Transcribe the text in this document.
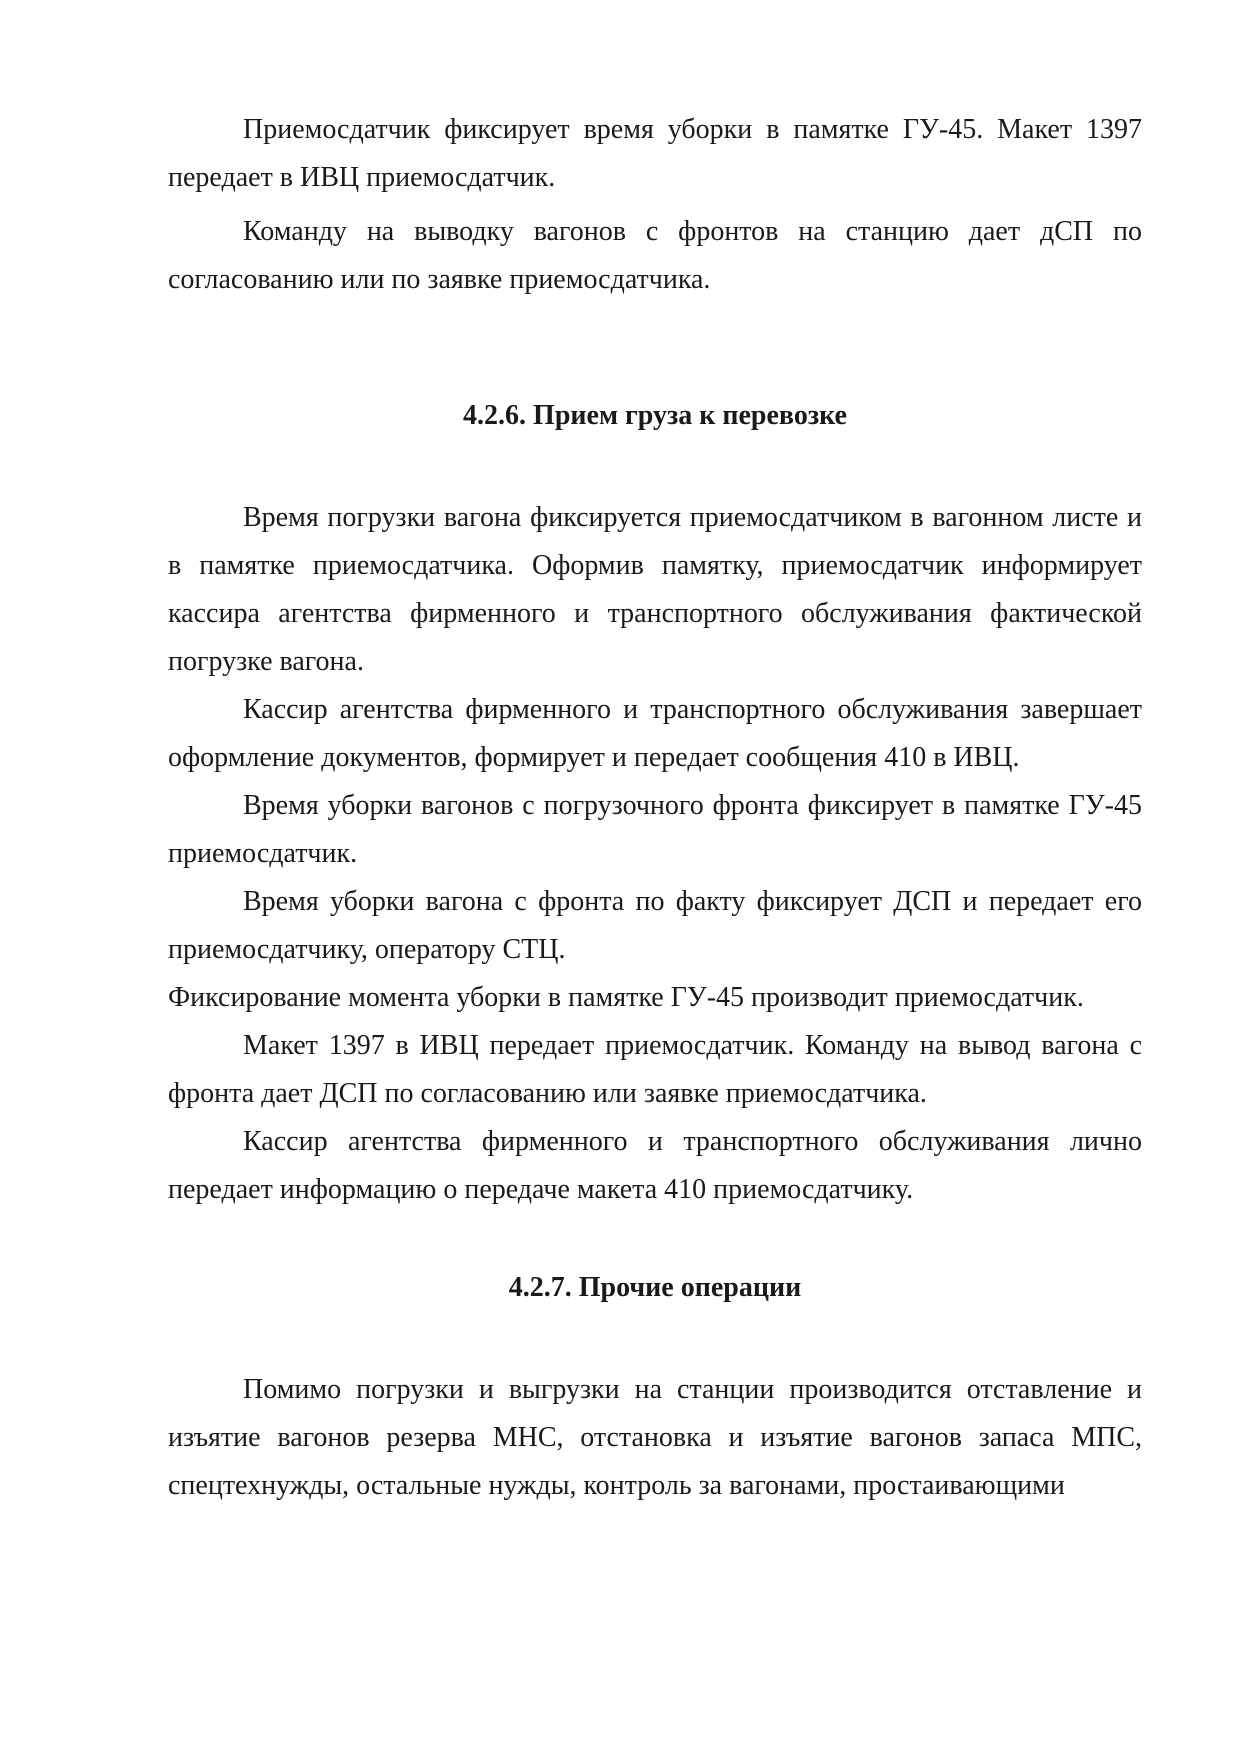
Приемосдатчик фиксирует время уборки в памятке ГУ-45. Макет 1397 передает в ИВЦ приемосдатчик.

Команду на выводку вагонов с фронтов на станцию дает дСП по согласованию или по заявке приемосдатчика.

4.2.6. Прием груза к перевозке

Время погрузки вагона фиксируется приемосдатчиком в вагонном листе и в памятке приемосдатчика. Оформив памятку, приемосдатчик информирует кассира агентства фирменного и транспортного обслуживания фактической погрузке вагона.

Кассир агентства фирменного и транспортного обслуживания завершает оформление документов, формирует и передает сообщения 410 в ИВЦ.

Время уборки вагонов с погрузочного фронта фиксирует в памятке ГУ-45 приемосдатчик.

Время уборки вагона с фронта по факту фиксирует ДСП и передает его приемосдатчику, оператору СТЦ.

Фиксирование момента уборки в памятке ГУ-45 производит приемосдатчик.

Макет 1397 в ИВЦ передает приемосдатчик. Команду на вывод вагона с фронта дает ДСП по согласованию или заявке приемосдатчика.

Кассир агентства фирменного и транспортного обслуживания лично передает информацию о передаче макета 410 приемосдатчику.

4.2.7. Прочие операции

Помимо погрузки и выгрузки на станции производится отставление и изъятие вагонов резерва МНС, отстановка и изъятие вагонов запаса МПС, спецтехнужды, остальные нужды, контроль за вагонами, простаивающими
